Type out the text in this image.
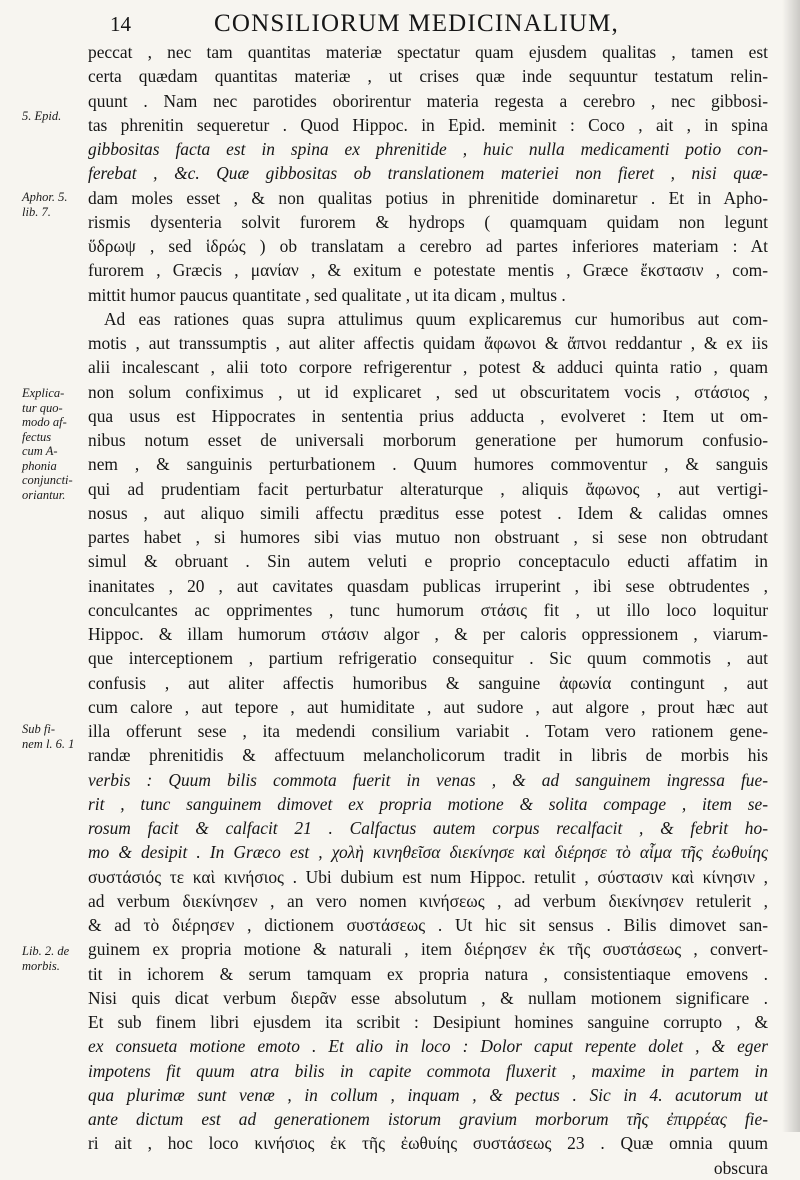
14	CONSILIORUM MEDICINALIUM,
5. Epid.
Aphor. 5.
lib. 7.
Explica-
tur quo-
modo af-
fectus
cum A-
phonia
conjuncti-
oriantur.
Sub fi-
nem l. 6. 1
Lib. 2. de
morbis.
peccat , nec tam quantitas materiæ spectatur quam ejusdem qualitas , tamen est
certa quædam quantitas materiæ , ut crises quæ inde sequuntur testatum relin-
quunt . Nam nec parotides oborirentur materia regesta a cerebro , nec gibbosi-
tas phrenitin sequeretur . Quod Hippoc. in Epid. meminit : Coco , ait , in spina
gibbositas facta est in spina ex phrenitide , huic nulla medicamenti potio con-
ferebat , &c. Quæ gibbositas ob translationem materiei non fieret , nisi quæ-
dam moles esset , & non qualitas potius in phrenitide dominaretur . Et in Apho-
rismis dysenteria solvit furorem & hydrops ( quamquam quidam non legunt
ὕδρωψ , sed ἱδρώς ) ob translatam a cerebro ad partes inferiores materiam : At
furorem , Græcis , μανίαν , & exitum e potestate mentis , Græce ἔκστασιν , com-
mittit humor paucus quantitate , sed qualitate , ut ita dicam , multus .
Ad eas rationes quas supra attulimus quum explicaremus cur humoribus aut com-
motis , aut transsumptis , aut aliter affectis quidam ἄφωνοι & ἄπνοι reddantur , & ex iis
alii incalescant , alii toto corpore refrigerentur , potest & adduci quinta ratio , quam
non solum confiximus , ut id explicaret , sed ut obscuritatem vocis , στάσιος ,
qua usus est Hippocrates in sententia prius adducta , evolveret : Item ut om-
nibus notum esset de universali morborum generatione per humorum confusio-
nem , & sanguinis perturbationem . Quum humores commoventur , & sanguis
qui ad prudentiam facit perturbatur alteraturque , aliquis ἄφωνος , aut vertigi-
nosus , aut aliquo simili affectu præditus esse potest . Idem & calidas omnes
partes habet , si humores sibi vias mutuo non obstruant , si sese non obtrudant
simul & obruant . Sin autem veluti e proprio conceptaculo educti affatim in
inanitates , 20 , aut cavitates quasdam publicas irruperint , ibi sese obtrudentes ,
conculcantes ac opprimentes , tunc humorum στάσις fit , ut illo loco loquitur
Hippoc. & illam humorum στάσιν algor , & per caloris oppressionem , viarum-
que interceptionem , partium refrigeratio consequitur . Sic quum commotis , aut
confusis , aut aliter affectis humoribus & sanguine ἀφωνία contingunt , aut
cum calore , aut tepore , aut humiditate , aut sudore , aut algore , prout hæc aut
illa offerunt sese , ita medendi consilium variabit . Totam vero rationem gene-
randæ phrenitidis & affectuum melancholicorum tradit in libris de morbis his
verbis : Quum bilis commota fuerit in venas , & ad sanguinem ingressa fue-
rit , tunc sanguinem dimovet ex propria motione & solita compage , item se-
rosum facit & calfacit 21 . Calfactus autem corpus recalfacit , & febrit ho-
mo & desipit . In Græco est , χολὴ κινηθεῖσα διεκίνησε καὶ διέρησε τὸ αἷμα τῆς ἐωθυίης
συστάσιός τε καὶ κινήσιος . Ubi dubium est num Hippoc. retulit , σύστασιν καὶ κίνησιν ,
ad verbum διεκίνησεν , an vero nomen κινήσεως , ad verbum διεκίνησεν retulerit ,
& ad τὸ διέρησεν , dictionem συστάσεως . Ut hic sit sensus . Bilis dimovet san-
guinem ex propria motione & naturali , item διέρησεν ἐκ τῆς συστάσεως , convert-
tit in ichorem & serum tamquam ex propria natura , consistentiaque emovens .
Nisi quis dicat verbum διερᾶν esse absolutum , & nullam motionem significare .
Et sub finem libri ejusdem ita scribit : Desipiunt homines sanguine corrupto , &
ex consueta motione emoto . Et alio in loco : Dolor caput repente dolet , & eger
impotens fit quum atra bilis in capite commota fluxerit , maxime in partem in
qua plurimæ sunt venæ , in collum , inquam , & pectus . Sic in 4. acutorum ut
ante dictum est ad generationem istorum gravium morborum τῆς ἐπιρρέας fie-
ri ait , hoc loco κινήσιος ἐκ τῆς ἐωθυίης συστάσεως 23 . Quæ omnia quum
obscura
